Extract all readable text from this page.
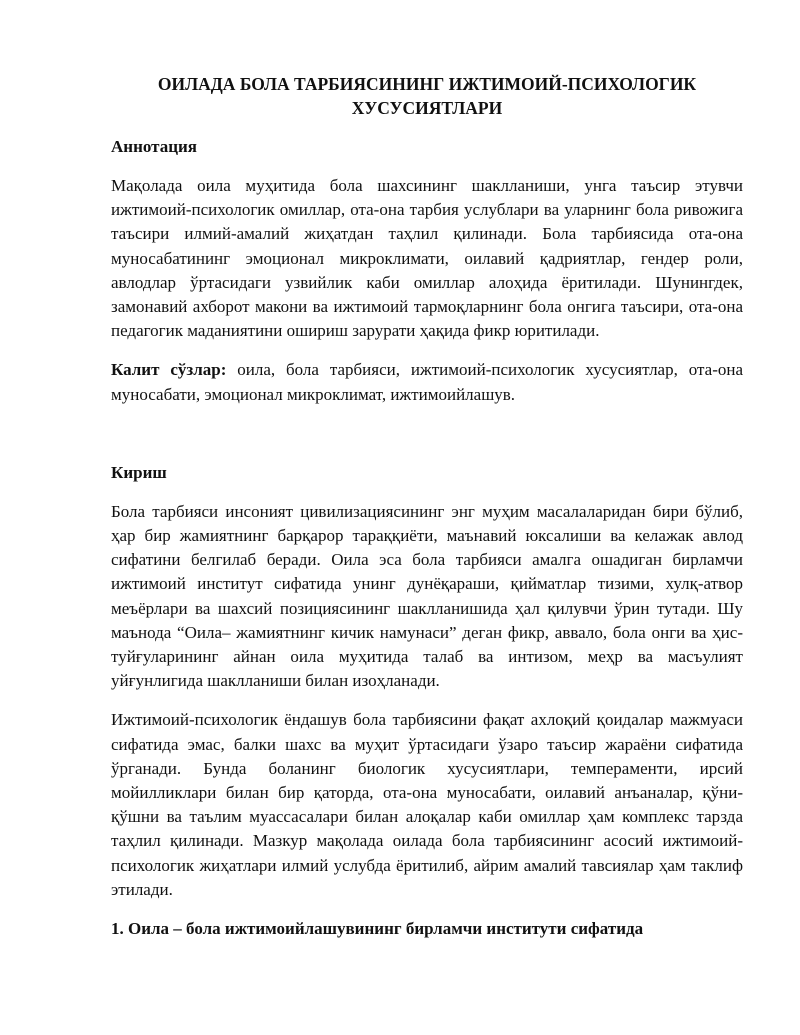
ОИЛАДА БОЛА ТАРБИЯСИНИНГ ИЖТИМОИЙ-ПСИХОЛОГИК
ХУСУСИЯТЛАРИ
Аннотация

Мақолада оила муҳитида бола шахсининг шаклланиши, унга таъсир этувчи ижтимоий-психологик омиллар, ота-она тарбия услублари ва уларнинг бола ривожига таъсири илмий-амалий жиҳатдан таҳлил қилинади. Бола тарбиясида ота-она муносабатининг эмоционал микроклимати, оилавий қадриятлар, гендер роли, авлодлар ўртасидаги узвийлик каби омиллар алоҳида ёритилади. Шунингдек, замонавий ахборот макони ва ижтимоий тармоқларнинг бола онгига таъсири, ота-она педагогик маданиятини ошириш зарурати ҳақида фикр юритилади.

Калит сўзлар: оила, бола тарбияси, ижтимоий-психологик хусусиятлар, ота-она муносабати, эмоционал микроклимат, ижтимоийлашув.

Кириш

Бола тарбияси инсоният цивилизациясининг энг муҳим масалаларидан бири бўлиб, ҳар бир жамиятнинг барқарор тараққиёти, маънавий юксалиши ва келажак авлод сифатини белгилаб беради. Оила эса бола тарбияси амалга ошадиган бирламчи ижтимоий институт сифатида унинг дунёқараши, қийматлар тизими, хулқ-атвор меъёрлари ва шахсий позициясининг шаклланишида ҳал қилувчи ўрин тутади. Шу маънода “Оила– жамиятнинг кичик намунаси” деган фикр, аввало, бола онги ва ҳис-туйғуларининг айнан оила муҳитида талаб ва интизом, меҳр ва масъулият уйғунлигида шаклланиши билан изоҳланади.

Ижтимоий-психологик ёндашув бола тарбиясини фақат ахлоқий қоидалар мажмуаси сифатида эмас, балки шахс ва муҳит ўртасидаги ўзаро таъсир жараёни сифатида ўрганади. Бунда боланинг биологик хусусиятлари, темпераменти, ирсий мойилликлари билан бир қаторда, ота-она муносабати, оилавий анъаналар, қўни-қўшни ва таълим муассасалари билан алоқалар каби омиллар ҳам комплекс тарзда таҳлил қилинади. Мазкур мақолада оилада бола тарбиясининг асосий ижтимоий-психологик жиҳатлари илмий услубда ёритилиб, айрим амалий тавсиялар ҳам таклиф этилади.

1. Оила – бола ижтимоийлашувининг бирламчи институти сифатида
